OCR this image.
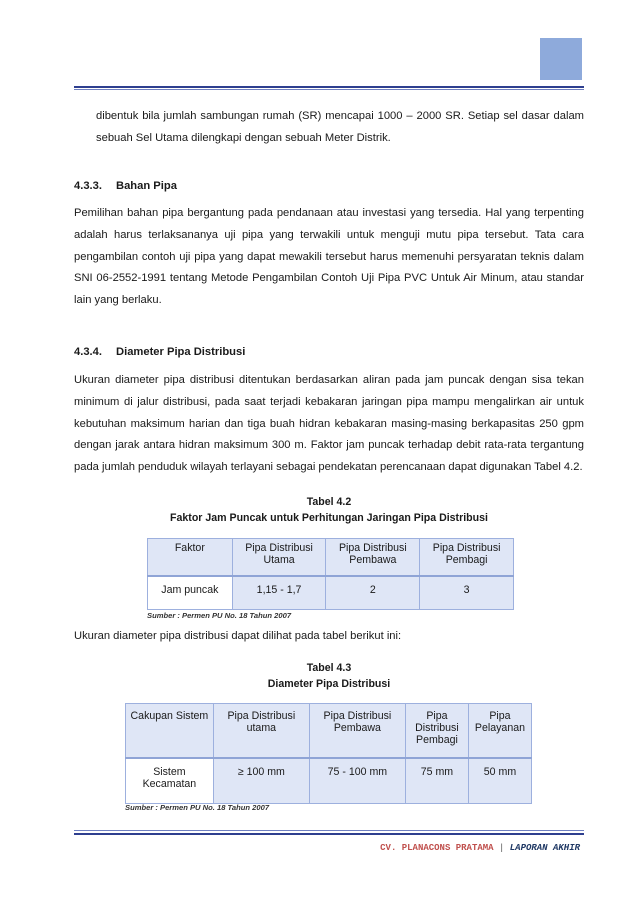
dibentuk bila jumlah sambungan rumah (SR) mencapai 1000 – 2000 SR. Setiap sel dasar dalam sebuah Sel Utama dilengkapi dengan sebuah Meter Distrik.
4.3.3. Bahan Pipa
Pemilihan bahan pipa bergantung pada pendanaan atau investasi yang tersedia. Hal yang terpenting adalah harus terlaksananya uji pipa yang terwakili untuk menguji mutu pipa tersebut. Tata cara pengambilan contoh uji pipa yang dapat mewakili tersebut harus memenuhi persyaratan teknis dalam SNI 06-2552-1991 tentang Metode Pengambilan Contoh Uji Pipa PVC Untuk Air Minum, atau standar lain yang berlaku.
4.3.4. Diameter Pipa Distribusi
Ukuran diameter pipa distribusi ditentukan berdasarkan aliran pada jam puncak dengan sisa tekan minimum di jalur distribusi, pada saat terjadi kebakaran jaringan pipa mampu mengalirkan air untuk kebutuhan maksimum harian dan tiga buah hidran kebakaran masing-masing berkapasitas 250 gpm dengan jarak antara hidran maksimum 300 m. Faktor jam puncak terhadap debit rata-rata tergantung pada jumlah penduduk wilayah terlayani sebagai pendekatan perencanaan dapat digunakan Tabel 4.2.
Tabel 4.2
Faktor Jam Puncak untuk Perhitungan Jaringan Pipa Distribusi
Faktor	Pipa Distribusi Utama	Pipa Distribusi Pembawa	Pipa Distribusi Pembagi
Jam puncak	1,15 - 1,7	2	3
Sumber : Permen PU No. 18 Tahun 2007
Ukuran diameter pipa distribusi dapat dilihat pada tabel berikut ini:
Tabel 4.3
Diameter Pipa Distribusi
Cakupan Sistem	Pipa Distribusi utama	Pipa Distribusi Pembawa	Pipa Distribusi Pembagi	Pipa Pelayanan
Sistem Kecamatan	≥ 100 mm	75 - 100 mm	75 mm	50 mm
Sumber : Permen PU No. 18 Tahun 2007
CV. PLANACONS PRATAMA | LAPORAN AKHIR
